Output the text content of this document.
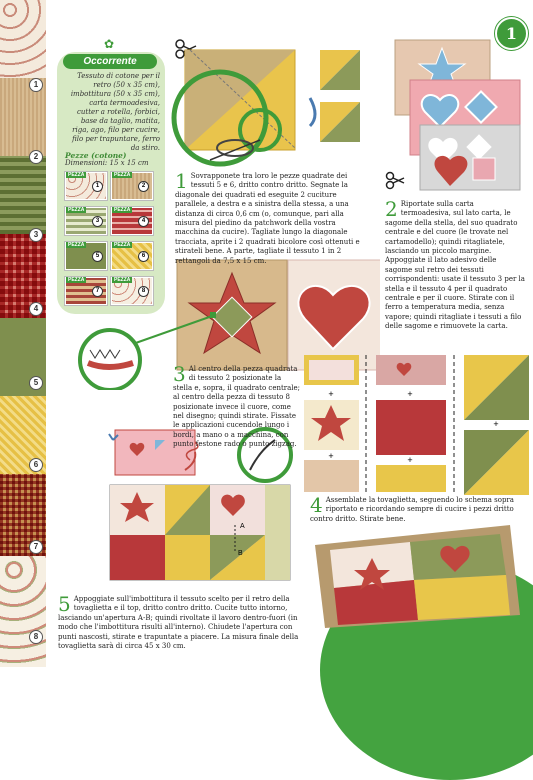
1
2
3
4
5
6
7
8
✿
Occorrente
Tessuto di cotone per il retro (50 x 35 cm), imbottitura (50 x 35 cm), carta termoadesiva, cutter a rotella, forbici, base da taglio, matita, riga, ago, filo per cucire, filo per trapuntare, ferro da stiro.
Pezze (cotone)
Dimensioni: 15 x 15 cm
PEZZA
1
PEZZA
2
PEZZA
3
PEZZA
4
PEZZA
5
PEZZA
6
PEZZA
7
PEZZA
8
1
+	+
+	+
+
A
B
1 Sovrapponete tra loro le pezze quadrate dei tessuti 5 e 6, dritto contro dritto. Segnate la diagonale dei quadrati ed eseguite 2 cuciture parallele, a destra e a sinistra della stessa, a una distanza di circa 0,6 cm (o, comunque, pari alla misura del piedino da patchwork della vostra macchina da cucire). Tagliate lungo la diagonale tracciata, aprite i 2 quadrati bicolore così ottenuti e stirateli bene. A parte, tagliate il tessuto 1 in 2 rettangoli da 7,5 x 15 cm.
2 Riportate sulla carta termoadesiva, sul lato carta, le sagome della stella, del suo quadrato centrale e del cuore (le trovate nel cartamodello); quindi ritagliatele, lasciando un piccolo margine. Appoggiate il lato adesivo delle sagome sul retro dei tessuti corrispondenti: usate il tessuto 3 per la stella e il tessuto 4 per il quadrato centrale e per il cuore. Stirate con il ferro a temperatura media, senza vapore; quindi ritagliate i tessuti a filo delle sagome e rimuovete la carta.
3 Al centro della pezza quadrata di tessuto 2 posizionate la stella e, sopra, il quadrato centrale; al centro della pezza di tessuto 8 posizionate invece il cuore, come nel disegno; quindi stirate. Fissate le applicazioni cucendole lungo i bordi, a mano o a macchina, con punto festone rado o punto zigzag.
4 Assemblate la tovaglietta, seguendo lo schema sopra riportato e ricordando sempre di cucire i pezzi dritto contro dritto. Stirate bene.
5 Appoggiate sull'imbottitura il tessuto scelto per il retro della tovaglietta e il top, dritto contro dritto. Cucite tutto intorno, lasciando un'apertura A-B; quindi rivoltate il lavoro dentro-fuori (in modo che l'imbottitura risulti all'interno). Chiudete l'apertura con punti nascosti, stirate e trapuntate a piacere. La misura finale della tovaglietta sarà di circa 45 x 30 cm.
